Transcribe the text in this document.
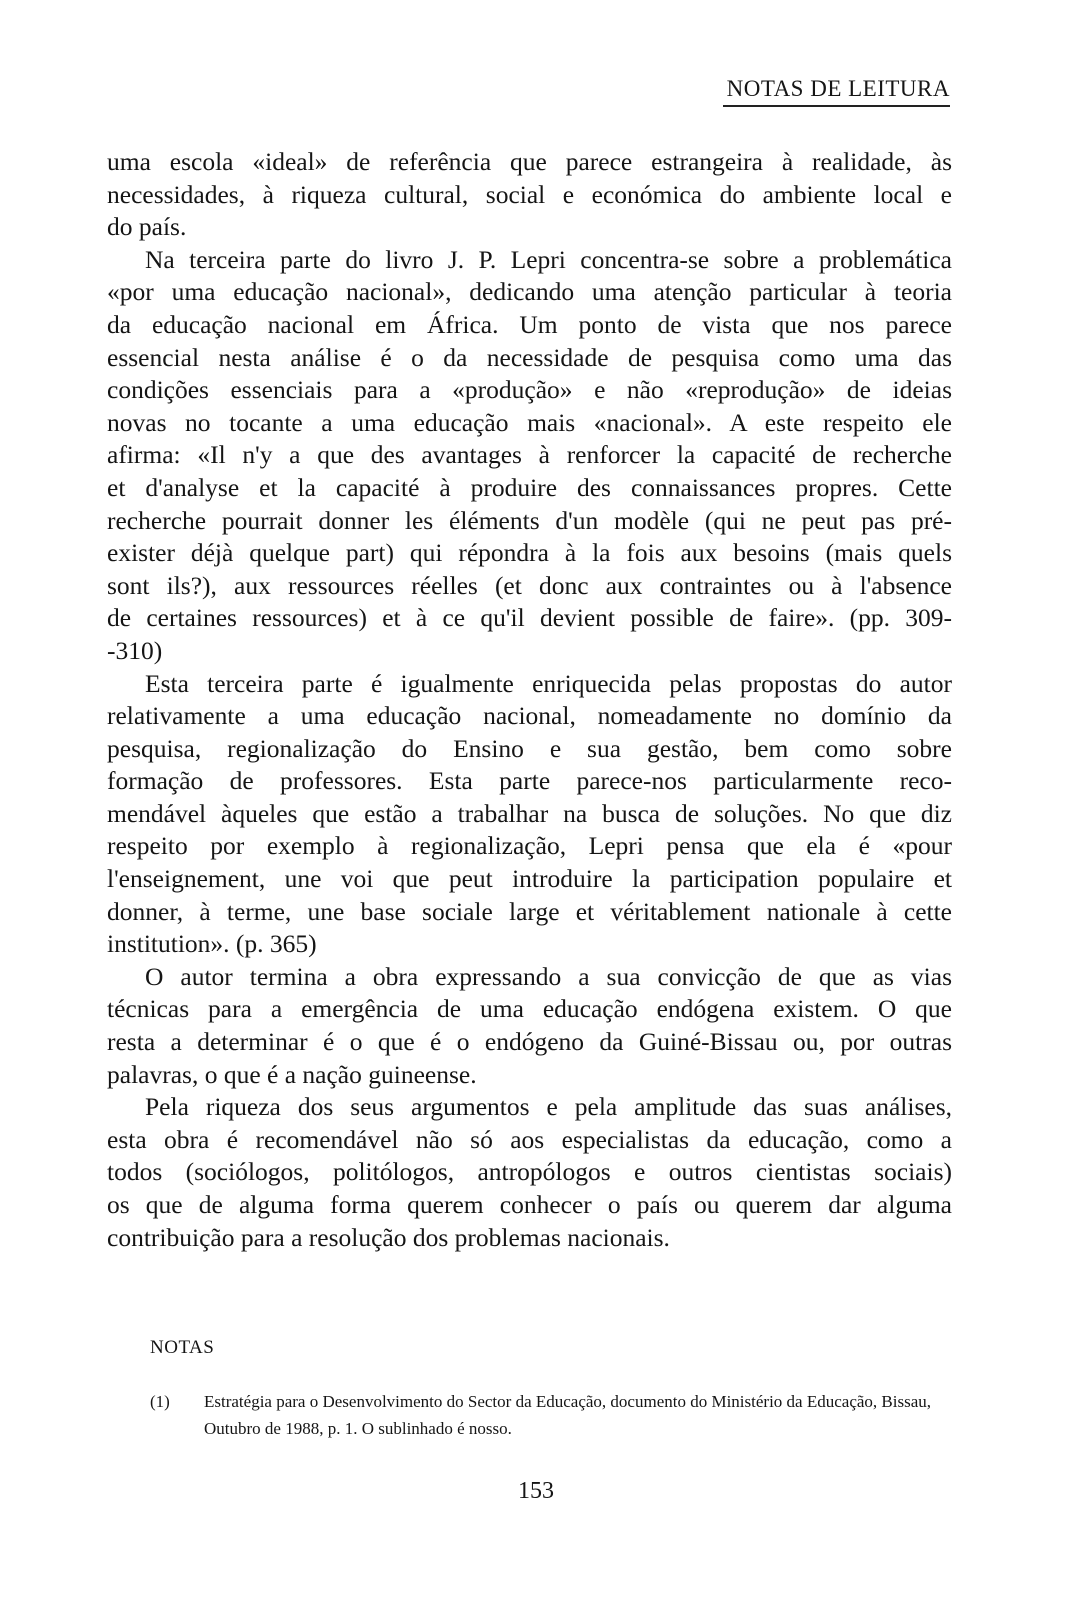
NOTAS DE LEITURA
uma escola «ideal» de referência que parece estrangeira à realidade, às
necessidades, à riqueza cultural, social e económica do ambiente local e
do país.
Na terceira parte do livro J. P. Lepri concentra-se sobre a problemática
«por uma educação nacional», dedicando uma atenção particular à teoria
da educação nacional em África. Um ponto de vista que nos parece
essencial nesta análise é o da necessidade de pesquisa como uma das
condições essenciais para a «produção» e não «reprodução» de ideias
novas no tocante a uma educação mais «nacional». A este respeito ele
afirma: «Il n'y a que des avantages à renforcer la capacité de recherche
et d'analyse et la capacité à produire des connaissances propres. Cette
recherche pourrait donner les éléments d'un modèle (qui ne peut pas pré-
exister déjà quelque part) qui répondra à la fois aux besoins (mais quels
sont ils?), aux ressources réelles (et donc aux contraintes ou à l'absence
de certaines ressources) et à ce qu'il devient possible de faire». (pp. 309-
-310)
Esta terceira parte é igualmente enriquecida pelas propostas do autor
relativamente a uma educação nacional, nomeadamente no domínio da
pesquisa, regionalização do Ensino e sua gestão, bem como sobre
formação de professores. Esta parte parece-nos particularmente reco-
mendável àqueles que estão a trabalhar na busca de soluções. No que diz
respeito por exemplo à regionalização, Lepri pensa que ela é «pour
l'enseignement, une voi que peut introduire la participation populaire et
donner, à terme, une base sociale large et véritablement nationale à cette
institution». (p. 365)
O autor termina a obra expressando a sua convicção de que as vias
técnicas para a emergência de uma educação endógena existem. O que
resta a determinar é o que é o endógeno da Guiné-Bissau ou, por outras
palavras, o que é a nação guineense.
Pela riqueza dos seus argumentos e pela amplitude das suas análises,
esta obra é recomendável não só aos especialistas da educação, como a
todos (sociólogos, politólogos, antropólogos e outros cientistas sociais)
os que de alguma forma querem conhecer o país ou querem dar alguma
contribuição para a resolução dos problemas nacionais.
NOTAS
(1) Estratégia para o Desenvolvimento do Sector da Educação, documento do Ministério da Educação, Bissau, Outubro de 1988, p. 1. O sublinhado é nosso.
153
